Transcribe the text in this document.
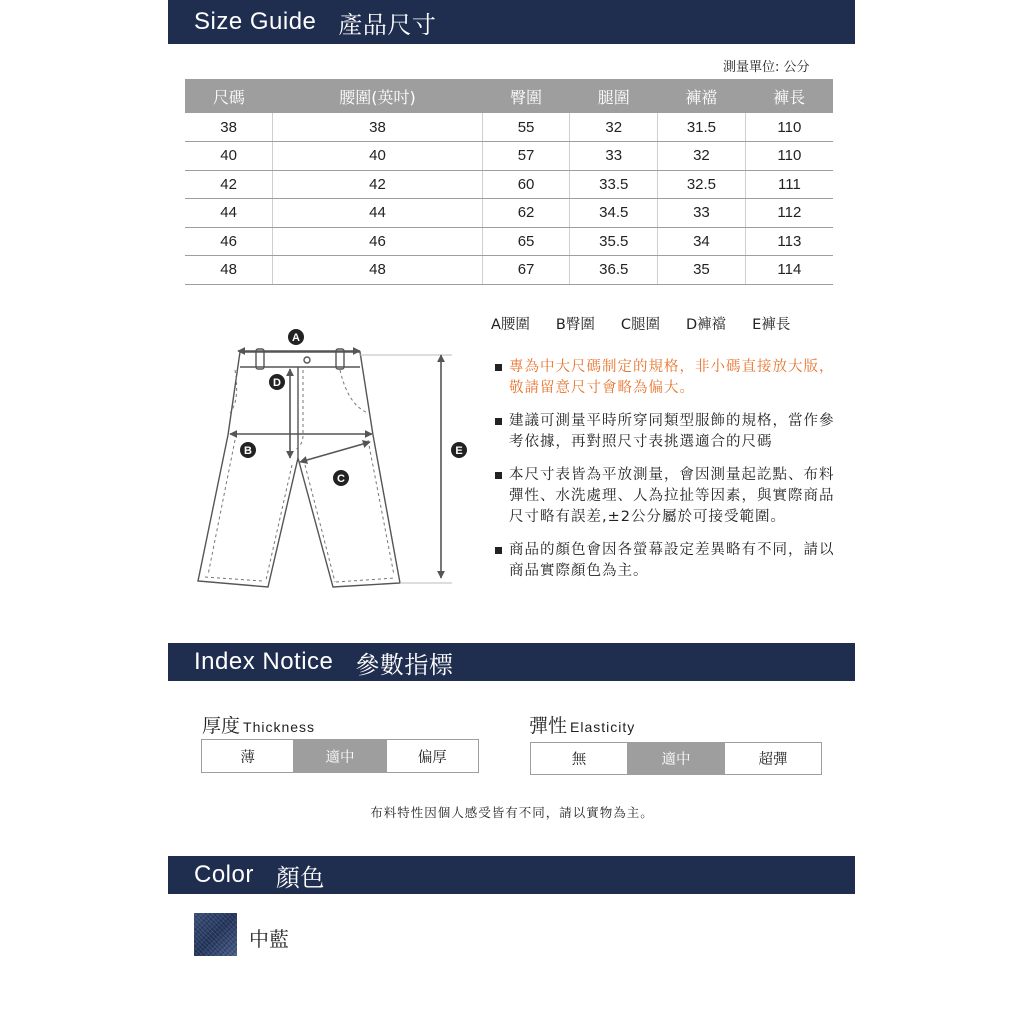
Size Guide 產品尺寸
測量單位: 公分
尺碼	腰圍(英吋)	臀圍	腿圍	褲襠	褲長
38	38	55	32	31.5	110
40	40	57	33	32	110
42	42	60	33.5	32.5	111
44	44	62	34.5	33	112
46	46	65	35.5	34	113
48	48	67	36.5	35	114
A腰圍 B臀圍 C腿圍 D褲襠 E褲長
A
D
B
C
E
專為中大尺碼制定的規格，非小碼直接放大版，敬請留意尺寸會略為偏大。
建議可測量平時所穿同類型服飾的規格，當作參考依據，再對照尺寸表挑選適合的尺碼
本尺寸表皆為平放測量，會因測量起訖點、布料彈性、水洗處理、人為拉扯等因素，與實際商品尺寸略有誤差,±2公分屬於可接受範圍。
商品的顏色會因各螢幕設定差異略有不同，請以商品實際顏色為主。
Index Notice 參數指標
厚度 Thickness
薄	適中	偏厚
彈性 Elasticity
無	適中	超彈
布料特性因個人感受皆有不同，請以實物為主。
Color 顏色
中藍
